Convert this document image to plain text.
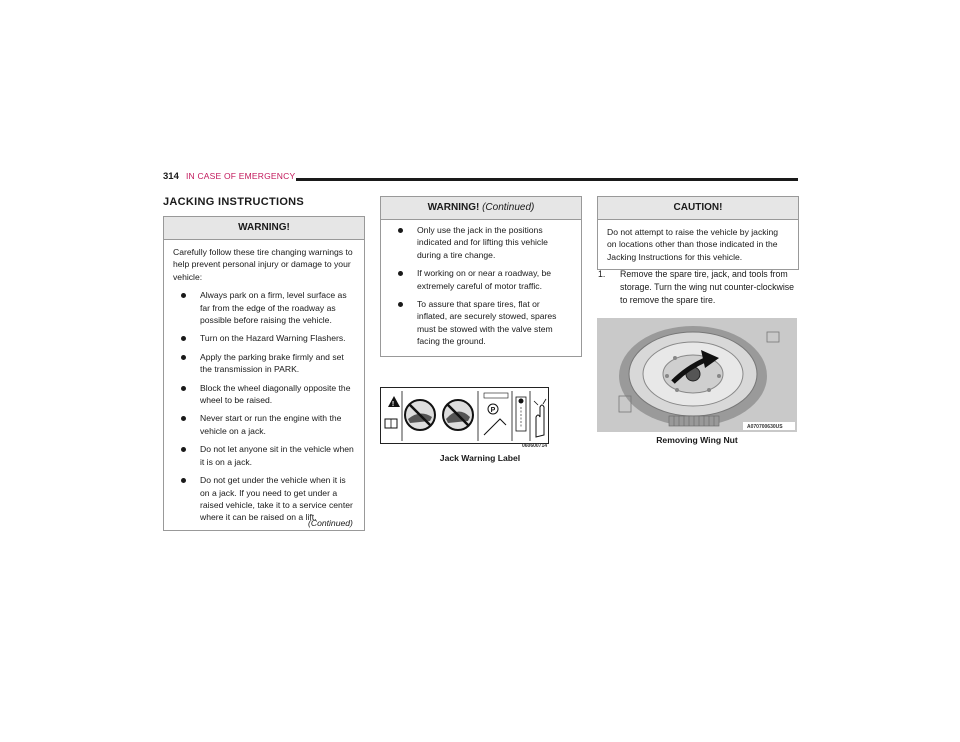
314 IN CASE OF EMERGENCY
JACKING INSTRUCTIONS
WARNING!

Carefully follow these tire changing warnings to help prevent personal injury or damage to your vehicle:

Always park on a firm, level surface as far from the edge of the roadway as possible before raising the vehicle.
Turn on the Hazard Warning Flashers.
Apply the parking brake firmly and set the transmission in PARK.
Block the wheel diagonally opposite the wheel to be raised.
Never start or run the engine with the vehicle on a jack.
Do not let anyone sit in the vehicle when it is on a jack.
Do not get under the vehicle when it is on a jack. If you need to get under a raised vehicle, take it to a service center where it can be raised on a lift.
(Continued)
WARNING! (Continued)
Only use the jack in the positions indicated and for lifting this vehicle during a tire change.
If working on or near a roadway, be extremely careful of motor traffic.
To assure that spare tires, flat or inflated, are securely stowed, spares must be stowed with the valve stem facing the ground.
!
P
060600714
Jack Warning Label
CAUTION!

Do not attempt to raise the vehicle by jacking on locations other than those indicated in the Jacking Instructions for this vehicle.

1.	Remove the spare tire, jack, and tools from storage. Turn the wing nut counter-clockwise to remove the spare tire.
A070700630US
Removing Wing Nut
